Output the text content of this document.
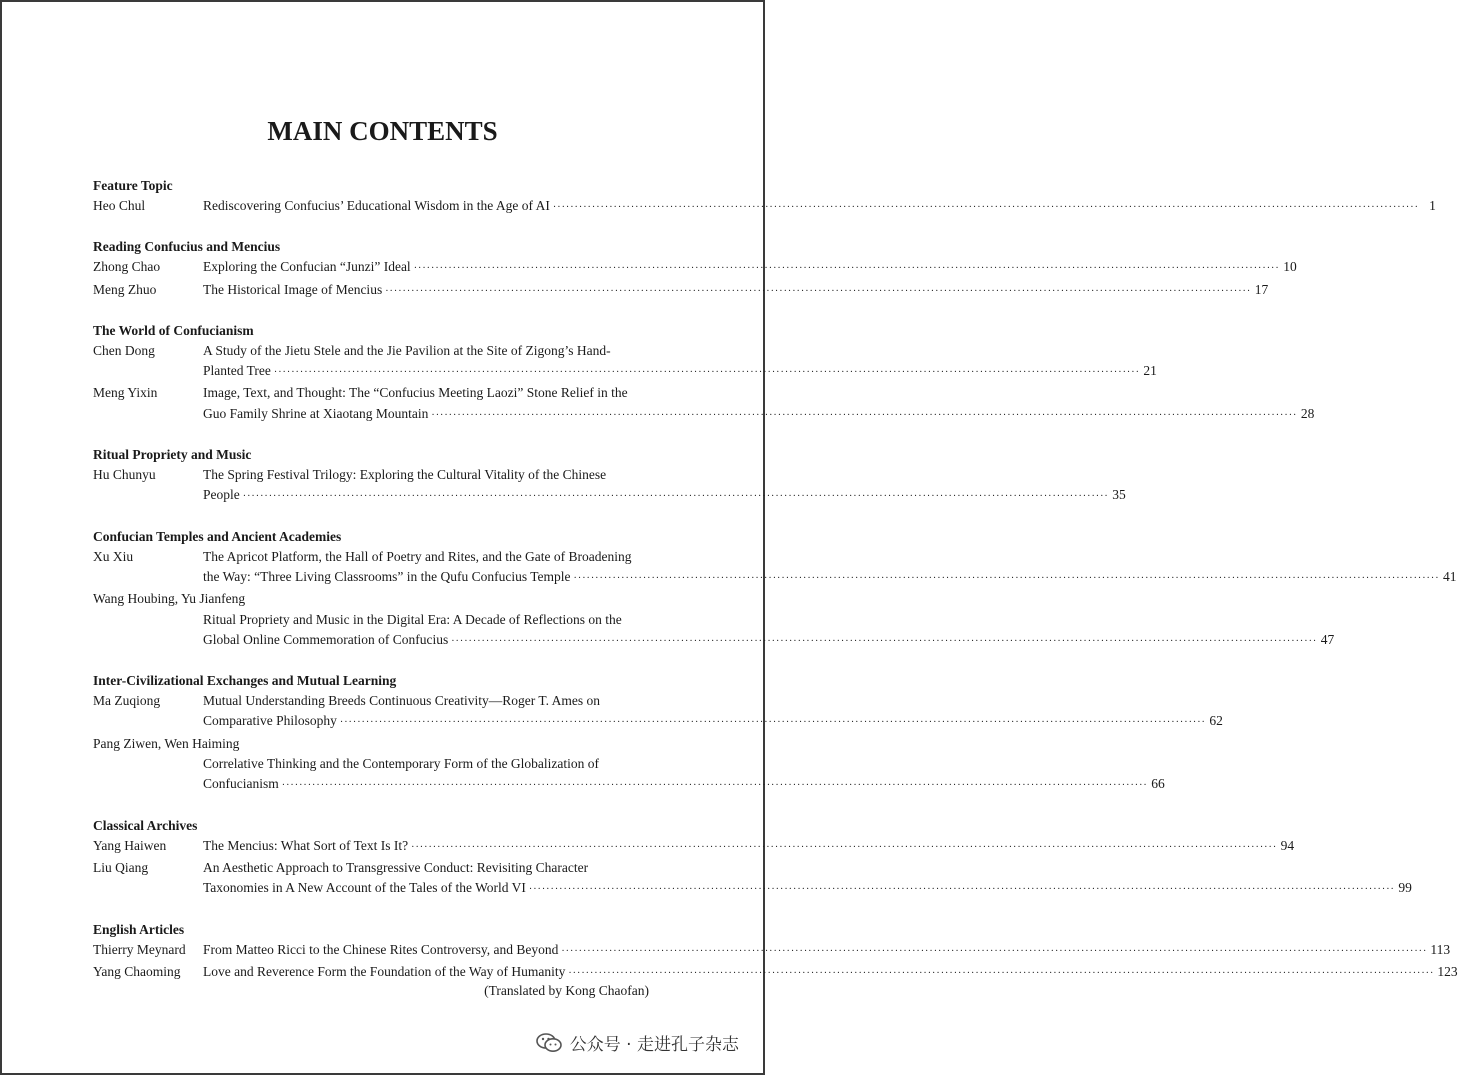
MAIN CONTENTS
Feature Topic
Heo Chul	Rediscovering Confucius’ Educational Wisdom in the Age of AI ········································································································································································································ 1
Reading Confucius and Mencius
Zhong Chao	Exploring the Confucian “Junzi” Ideal ········································································································································································································ 10
Meng Zhuo	The Historical Image of Mencius ········································································································································································································ 17
The World of Confucianism
Chen Dong	A Study of the Jietu Stele and the Jie Pavilion at the Site of Zigong’s Hand-
Planted Tree ········································································································································································································ 21
Meng Yixin	Image, Text, and Thought: The “Confucius Meeting Laozi” Stone Relief in the
Guo Family Shrine at Xiaotang Mountain ········································································································································································································ 28
Ritual Propriety and Music
Hu Chunyu	The Spring Festival Trilogy: Exploring the Cultural Vitality of the Chinese
People ········································································································································································································ 35
Confucian Temples and Ancient Academies
Xu Xiu	The Apricot Platform, the Hall of Poetry and Rites, and the Gate of Broadening
the Way: “Three Living Classrooms” in the Qufu Confucius Temple ········································································································································································································ 41
Wang Houbing, Yu Jianfeng
Ritual Propriety and Music in the Digital Era: A Decade of Reflections on the
Global Online Commemoration of Confucius ········································································································································································································ 47
Inter-Civilizational Exchanges and Mutual Learning
Ma Zuqiong	Mutual Understanding Breeds Continuous Creativity—Roger T. Ames on
Comparative Philosophy ········································································································································································································ 62
Pang Ziwen, Wen Haiming
Correlative Thinking and the Contemporary Form of the Globalization of
Confucianism ········································································································································································································ 66
Classical Archives
Yang Haiwen	The Mencius: What Sort of Text Is It? ········································································································································································································ 94
Liu Qiang	An Aesthetic Approach to Transgressive Conduct: Revisiting Character
Taxonomies in A New Account of the Tales of the World VI ········································································································································································································ 99
English Articles
Thierry Meynard	From Matteo Ricci to the Chinese Rites Controversy, and Beyond ········································································································································································································ 113
Yang Chaoming	Love and Reverence Form the Foundation of the Way of Humanity ········································································································································································································ 123
(Translated by Kong Chaofan)
公众号 · 走进孔子杂志
